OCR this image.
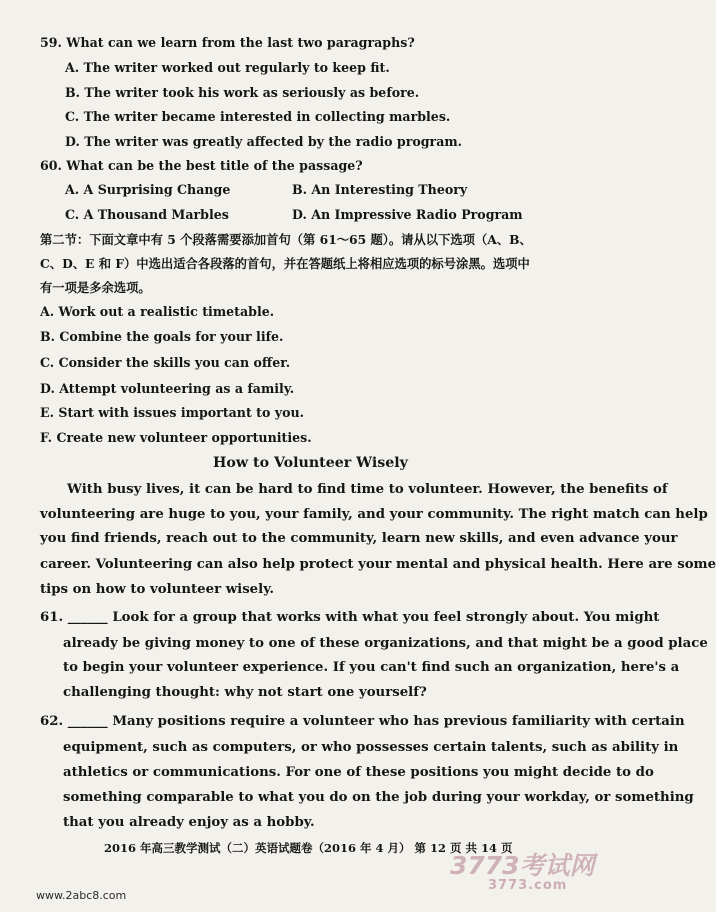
59. What can we learn from the last two paragraphs?
A. The writer worked out regularly to keep fit.
B. The writer took his work as seriously as before.
C. The writer became interested in collecting marbles.
D. The writer was greatly affected by the radio program.
60. What can be the best title of the passage?
A. A Surprising Change	B. An Interesting Theory
C. A Thousand Marbles	D. An Impressive Radio Program
第二节：下面文章中有 5 个段落需要添加首句（第 61～65 题）。请从以下选项（A、B、
C、D、E 和 F）中选出适合各段落的首句，并在答题纸上将相应选项的标号涂黑。选项中
有一项是多余选项。
A. Work out a realistic timetable.
B. Combine the goals for your life.
C. Consider the skills you can offer.
D. Attempt volunteering as a family.
E. Start with issues important to you.
F. Create new volunteer opportunities.
How to Volunteer Wisely
With busy lives, it can be hard to find time to volunteer. However, the benefits of
volunteering are huge to you, your family, and your community. The right match can help
you find friends, reach out to the community, learn new skills, and even advance your
career. Volunteering can also help protect your mental and physical health. Here are some
tips on how to volunteer wisely.
61. ______ Look for a group that works with what you feel strongly about. You might
already be giving money to one of these organizations, and that might be a good place
to begin your volunteer experience. If you can't find such an organization, here's a
challenging thought: why not start one yourself?
62. ______ Many positions require a volunteer who has previous familiarity with certain
equipment, such as computers, or who possesses certain talents, such as ability in
athletics or communications. For one of these positions you might decide to do
something comparable to what you do on the job during your workday, or something
that you already enjoy as a hobby.
2016 年高三教学测试（二）英语试题卷（2016 年 4 月） 第 12 页 共 14 页
www.2abc8.com
3773考试网
3773.com
